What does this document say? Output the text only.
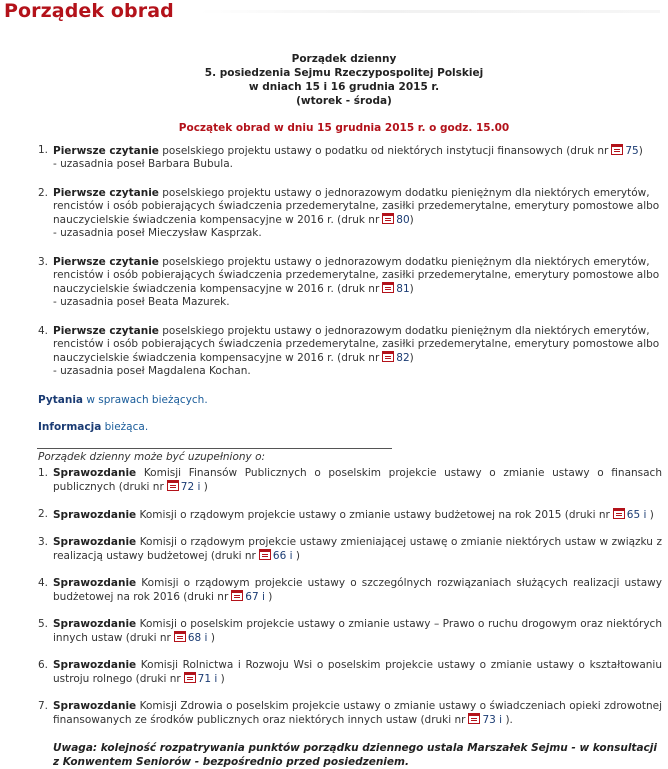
Porządek obrad
Porządek dzienny
5. posiedzenia Sejmu Rzeczypospolitej Polskiej
w dniach 15 i 16 grudnia 2015 r.
(wtorek - środa)
Początek obrad w dniu 15 grudnia 2015 r. o godz. 15.00
1. Pierwsze czytanie poselskiego projektu ustawy o podatku od niektórych instytucji finansowych (druk nr 75)
- uzasadnia poseł Barbara Bubula.
2. Pierwsze czytanie poselskiego projektu ustawy o jednorazowym dodatku pieniężnym dla niektórych emerytów, rencistów i osób pobierających świadczenia przedemerytalne, zasiłki przedemerytalne, emerytury pomostowe albo nauczycielskie świadczenia kompensacyjne w 2016 r. (druk nr 80)
- uzasadnia poseł Mieczysław Kasprzak.
3. Pierwsze czytanie poselskiego projektu ustawy o jednorazowym dodatku pieniężnym dla niektórych emerytów, rencistów i osób pobierających świadczenia przedemerytalne, zasiłki przedemerytalne, emerytury pomostowe albo nauczycielskie świadczenia kompensacyjne w 2016 r. (druk nr 81)
- uzasadnia poseł Beata Mazurek.
4. Pierwsze czytanie poselskiego projektu ustawy o jednorazowym dodatku pieniężnym dla niektórych emerytów, rencistów i osób pobierających świadczenia przedemerytalne, zasiłki przedemerytalne, emerytury pomostowe albo nauczycielskie świadczenia kompensacyjne w 2016 r. (druk nr 82)
- uzasadnia poseł Magdalena Kochan.
Pytania w sprawach bieżących.
Informacja bieżąca.
Porządek dzienny może być uzupełniony o:
1. Sprawozdanie Komisji Finansów Publicznych o poselskim projekcie ustawy o zmianie ustawy o finansach publicznych (druki nr 72 i )
2. Sprawozdanie Komisji o rządowym projekcie ustawy o zmianie ustawy budżetowej na rok 2015 (druki nr 65 i )
3. Sprawozdanie Komisji o rządowym projekcie ustawy zmieniającej ustawę o zmianie niektórych ustaw w związku z realizacją ustawy budżetowej (druki nr 66 i )
4. Sprawozdanie Komisji o rządowym projekcie ustawy o szczególnych rozwiązaniach służących realizacji ustawy budżetowej na rok 2016 (druki nr 67 i )
5. Sprawozdanie Komisji o poselskim projekcie ustawy o zmianie ustawy – Prawo o ruchu drogowym oraz niektórych innych ustaw (druki nr 68 i )
6. Sprawozdanie Komisji Rolnictwa i Rozwoju Wsi o poselskim projekcie ustawy o zmianie ustawy o kształtowaniu ustroju rolnego (druki nr 71 i )
7. Sprawozdanie Komisji Zdrowia o poselskim projekcie ustawy o zmianie ustawy o świadczeniach opieki zdrowotnej finansowanych ze środków publicznych oraz niektórych innych ustaw (druki nr 73 i ).
Uwaga: kolejność rozpatrywania punktów porządku dziennego ustala Marszałek Sejmu - w konsultacji z Konwentem Seniorów - bezpośrednio przed posiedzeniem.
